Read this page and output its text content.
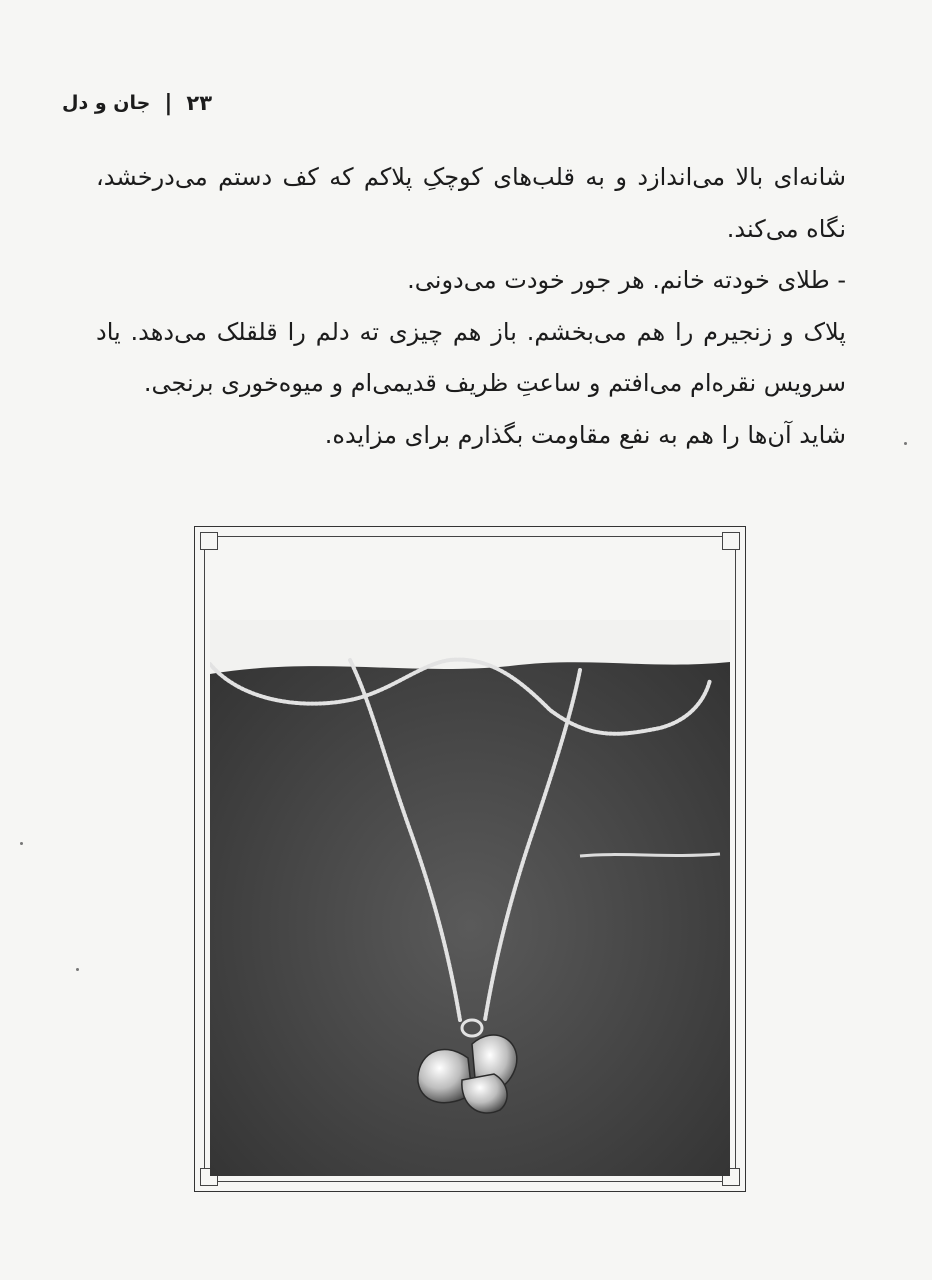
جان و دل | ۲۳

شانه‌ای بالا می‌اندازد و به قلب‌های کوچکِ پلاکم که کف دستم می‌درخشد، نگاه می‌کند.

- طلای خودته خانم. هر جور خودت می‌دونی.

پلاک و زنجیرم را هم می‌بخشم. باز هم چیزی ته دلم را قلقلک می‌دهد. یاد سرویس نقره‌ام می‌افتم و ساعتِ ظریف قدیمی‌ام و میوه‌خوری برنجی.

شاید آن‌ها را هم به نفع مقاومت بگذارم برای مزایده.
